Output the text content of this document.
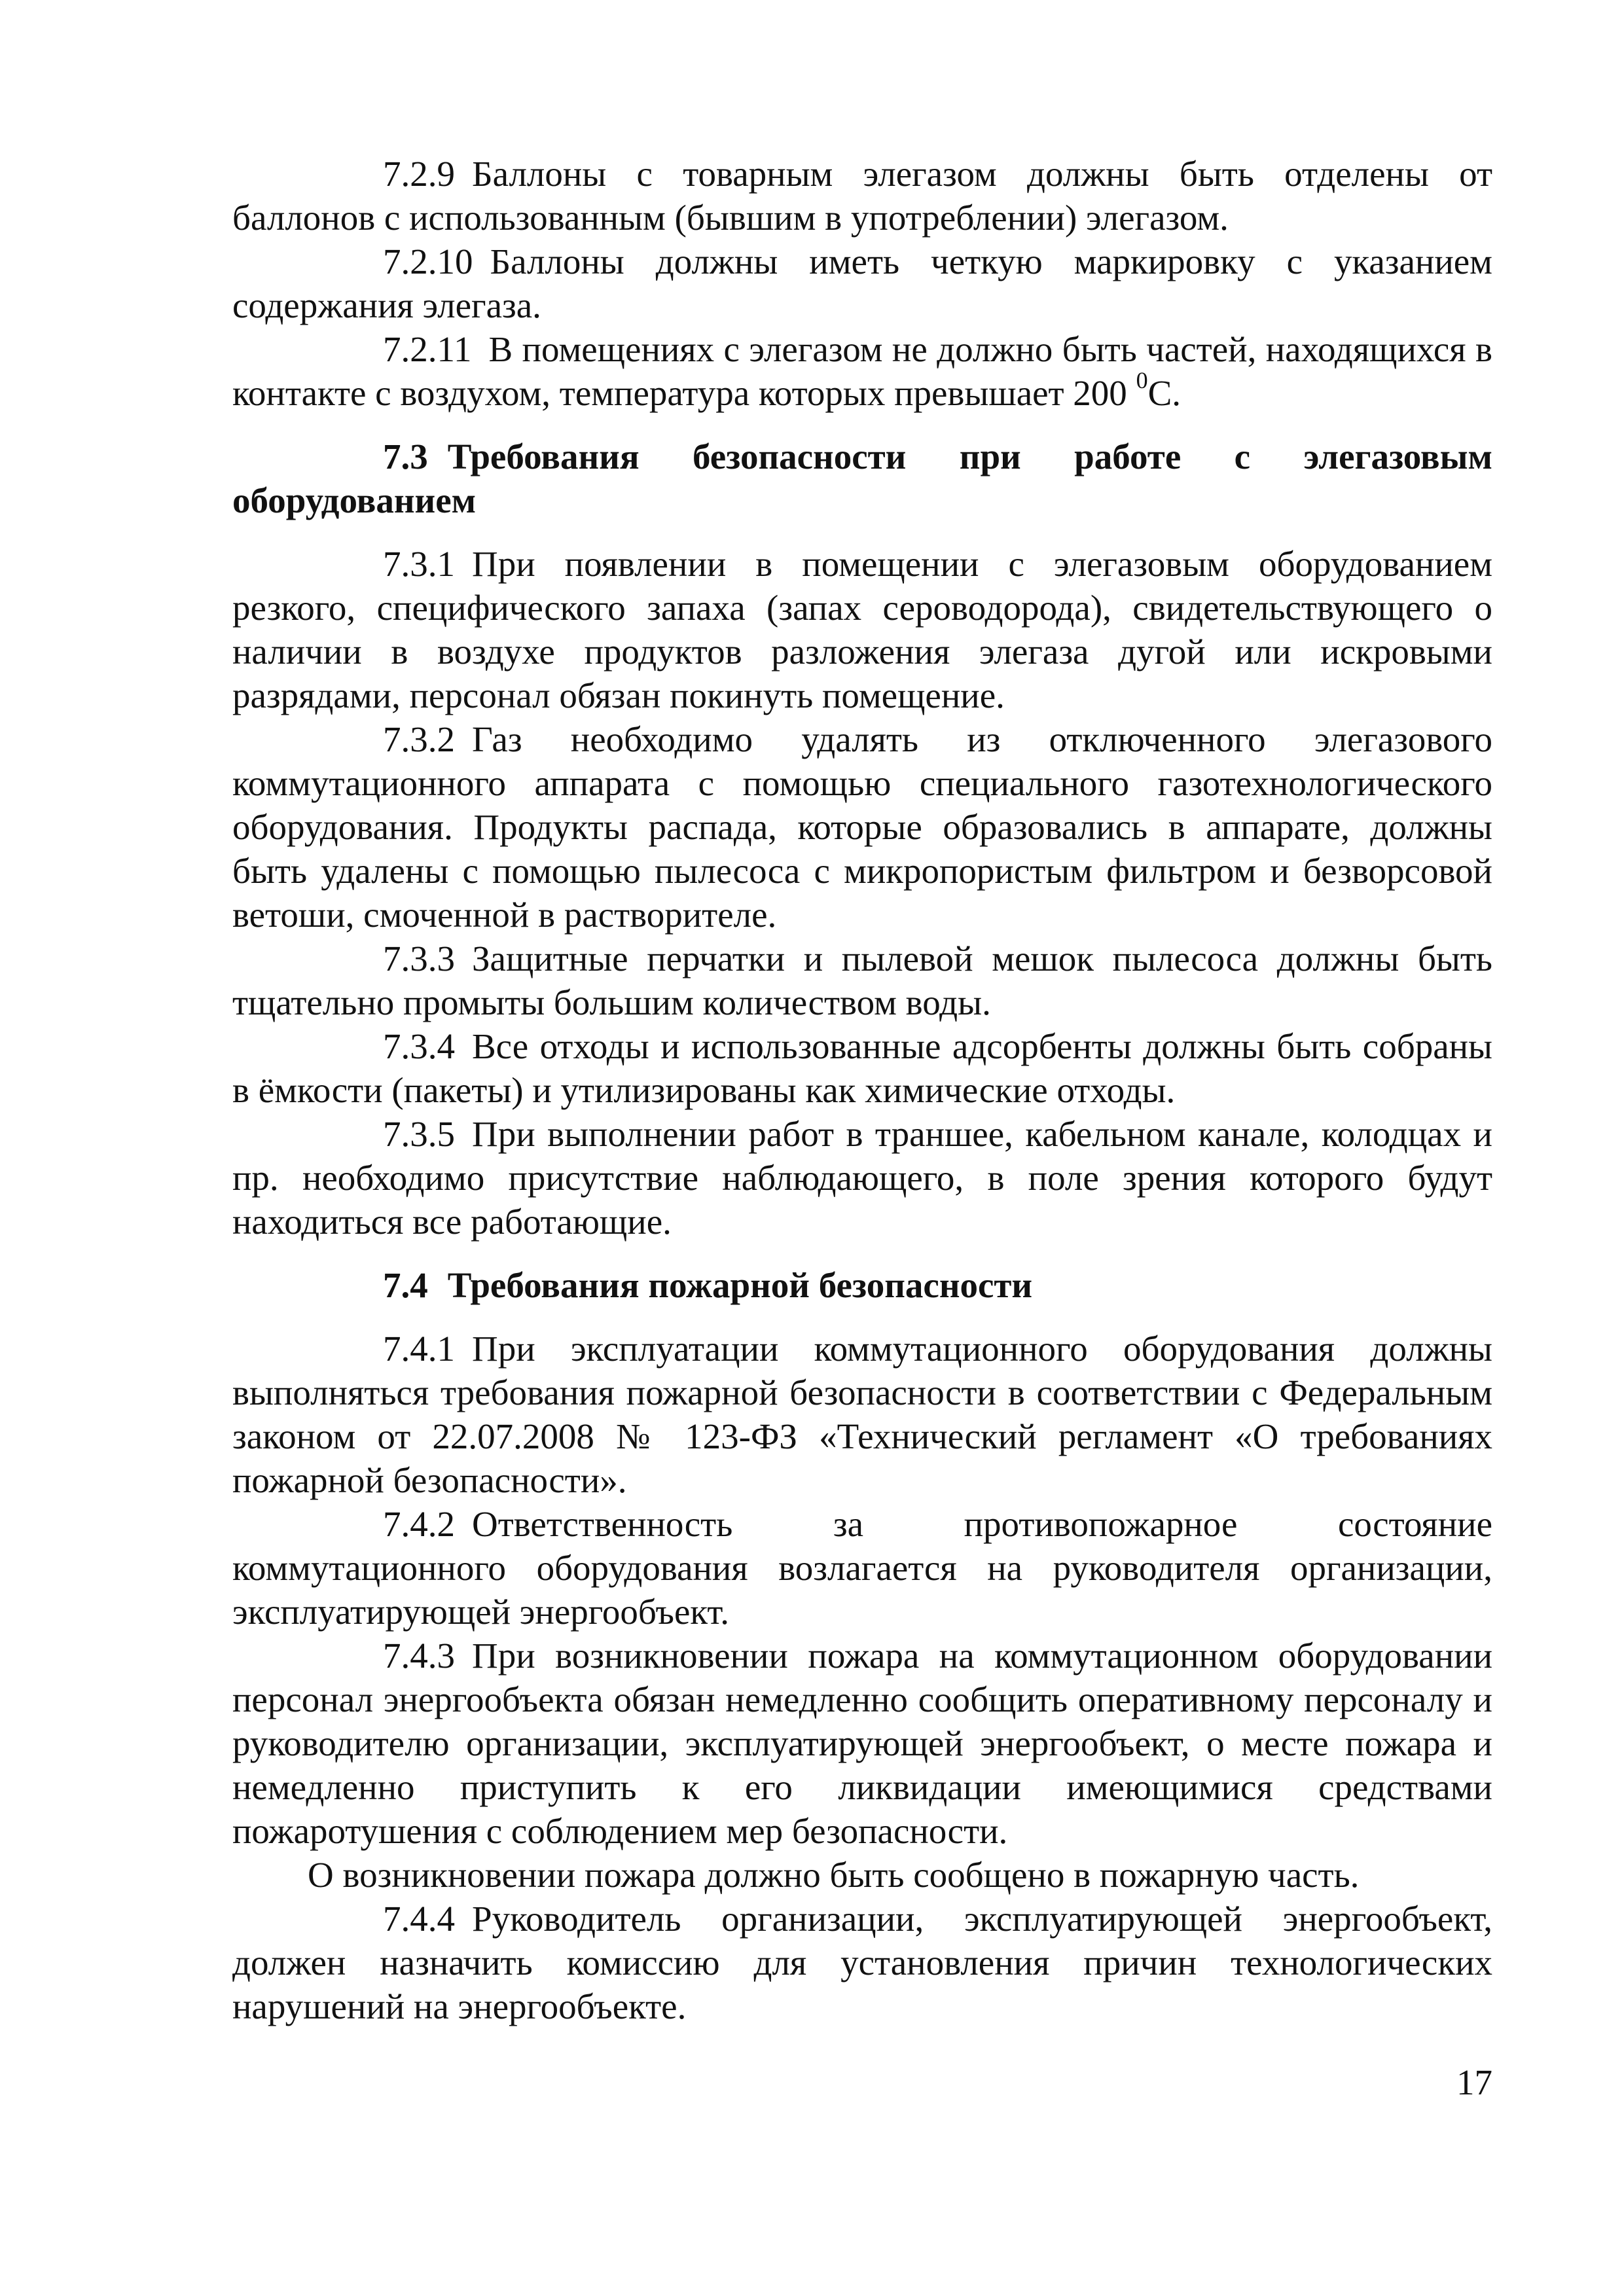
7.2.9 Баллоны с товарным элегазом должны быть отделены от баллонов с использованным (бывшим в употреблении) элегазом.

7.2.10 Баллоны должны иметь четкую маркировку с указанием содержания элегаза.

7.2.11 В помещениях с элегазом не должно быть частей, находящихся в контакте с воздухом, температура которых превышает 200 $^0$С.

7.3 Требования безопасности при работе с элегазовым оборудованием

7.3.1 При появлении в помещении с элегазовым оборудованием резкого, специфического запаха (запах сероводорода), свидетельствующего о наличии в воздухе продуктов разложения элегаза дугой или искровыми разрядами, персонал обязан покинуть помещение.

7.3.2 Газ необходимо удалять из отключенного элегазового коммутационного аппарата с помощью специального газотехнологического оборудования. Продукты распада, которые образовались в аппарате, должны быть удалены с помощью пылесоса с микропористым фильтром и безворсовой ветоши, смоченной в растворителе.

7.3.3 Защитные перчатки и пылевой мешок пылесоса должны быть тщательно промыты большим количеством воды.

7.3.4 Все отходы и использованные адсорбенты должны быть собраны в ёмкости (пакеты) и утилизированы как химические отходы.

7.3.5 При выполнении работ в траншее, кабельном канале, колодцах и пр. необходимо присутствие наблюдающего, в поле зрения которого будут находиться все работающие.

7.4 Требования пожарной безопасности

7.4.1 При эксплуатации коммутационного оборудования должны выполняться требования пожарной безопасности в соответствии с Федеральным законом от 22.07.2008 № 123-ФЗ «Технический регламент «О требованиях пожарной безопасности».

7.4.2 Ответственность за противопожарное состояние коммутационного оборудования возлагается на руководителя организации, эксплуатирующей энергообъект.

7.4.3 При возникновении пожара на коммутационном оборудовании персонал энергообъекта обязан немедленно сообщить оперативному персоналу и руководителю организации, эксплуатирующей энергообъект, о месте пожара и немедленно приступить к его ликвидации имеющимися средствами пожаротушения с соблюдением мер безопасности.

О возникновении пожара должно быть сообщено в пожарную часть.

7.4.4 Руководитель организации, эксплуатирующей энергообъект, должен назначить комиссию для установления причин технологических нарушений на энергообъекте.

17
